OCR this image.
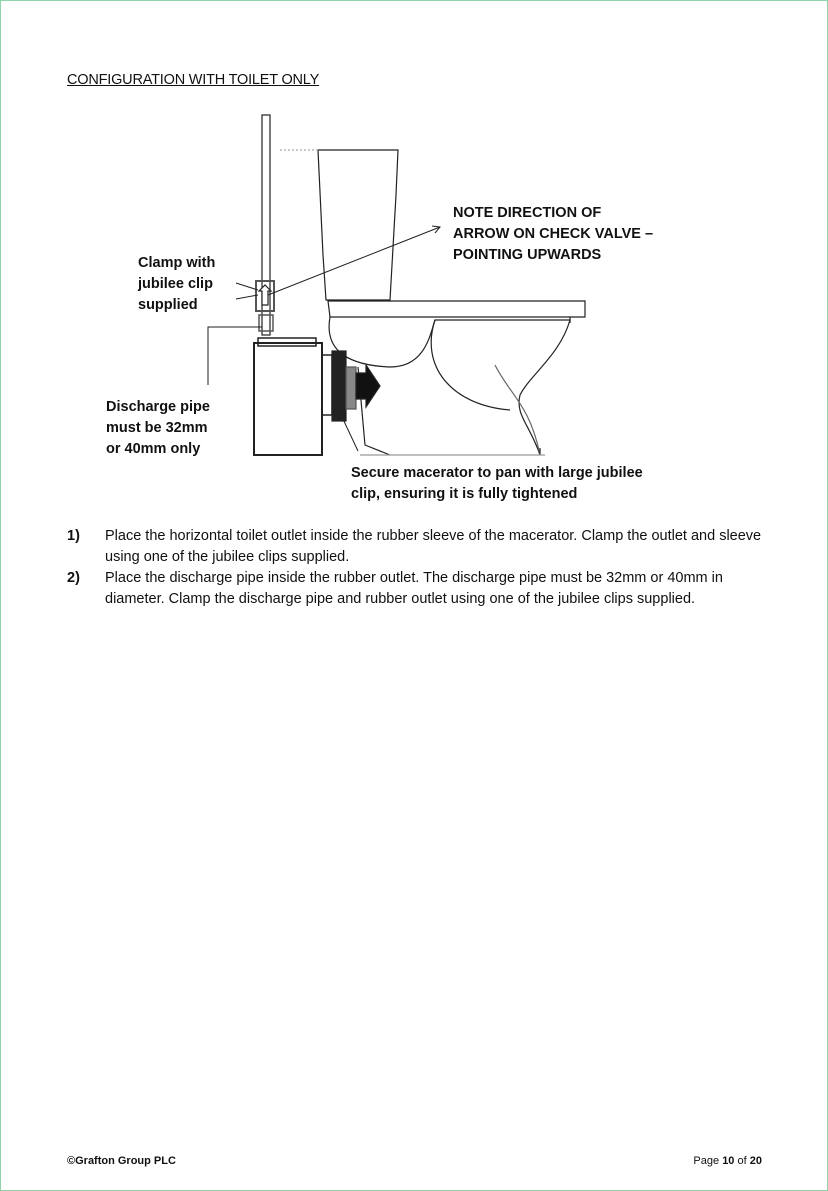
CONFIGURATION WITH TOILET ONLY
NOTE DIRECTION OF
ARROW ON CHECK VALVE –
POINTING UPWARDS
Clamp with
jubilee clip
supplied
Discharge pipe
must be 32mm
or 40mm only
Secure macerator to pan with large jubilee
clip, ensuring it is fully tightened
1) Place the horizontal toilet outlet inside the rubber sleeve of the macerator. Clamp the outlet and sleeve using one of the jubilee clips supplied.
2) Place the discharge pipe inside the rubber outlet. The discharge pipe must be 32mm or 40mm in diameter. Clamp the discharge pipe and rubber outlet using one of the jubilee clips supplied.
©Grafton Group PLC	Page 10 of 20
